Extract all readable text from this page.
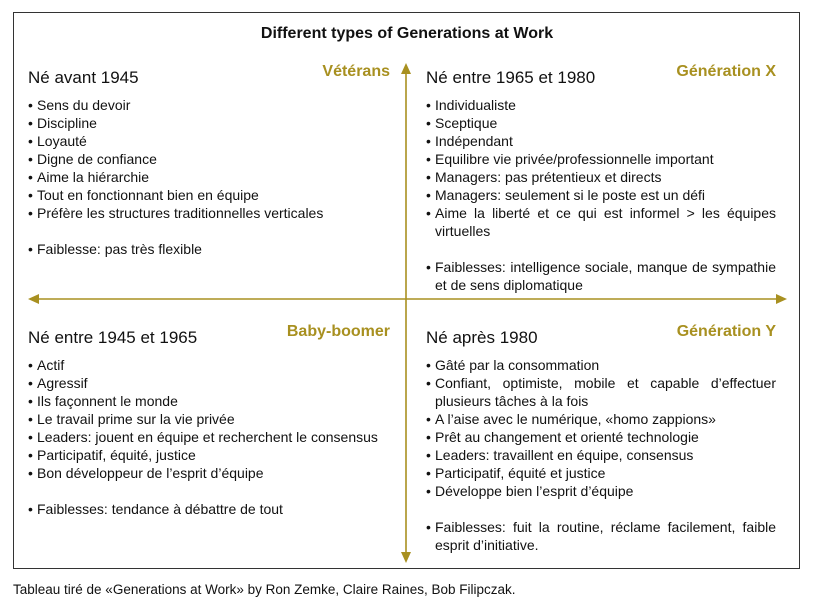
Different types of Generations at Work
Né avant 1945	Vétérans
• Sens du devoir
• Discipline
• Loyauté
• Digne de confiance
• Aime la hiérarchie
• Tout en fonctionnant bien en équipe
• Préfère les structures traditionnelles verticales
• Faiblesse: pas très flexible
Né entre 1965 et 1980	Génération X
• Individualiste
• Sceptique
• Indépendant
• Equilibre vie privée/professionnelle important
• Managers: pas prétentieux et directs
• Managers: seulement si le poste est un défi
• Aime la liberté et ce qui est informel > les équipes virtuelles
• Faiblesses: intelligence sociale, manque de sympathie et de sens diplomatique
Né entre 1945 et 1965	Baby-boomer
• Actif
• Agressif
• Ils façonnent le monde
• Le travail prime sur la vie privée
• Leaders: jouent en équipe et recherchent le consensus
• Participatif, équité, justice
• Bon développeur de l’esprit d’équipe
• Faiblesses: tendance à débattre de tout
Né après 1980	Génération Y
• Gâté par la consommation
• Confiant, optimiste, mobile et capable d’effectuer plusieurs tâches à la fois
• A l’aise avec le numérique, «homo zappions»
• Prêt au changement et orienté technologie
• Leaders: travaillent en équipe, consensus
• Participatif, équité et justice
• Développe bien l’esprit d’équipe
• Faiblesses: fuit la routine, réclame facilement, faible esprit d’initiative.
Tableau tiré de «Generations at Work» by Ron Zemke, Claire Raines, Bob Filipczak.
